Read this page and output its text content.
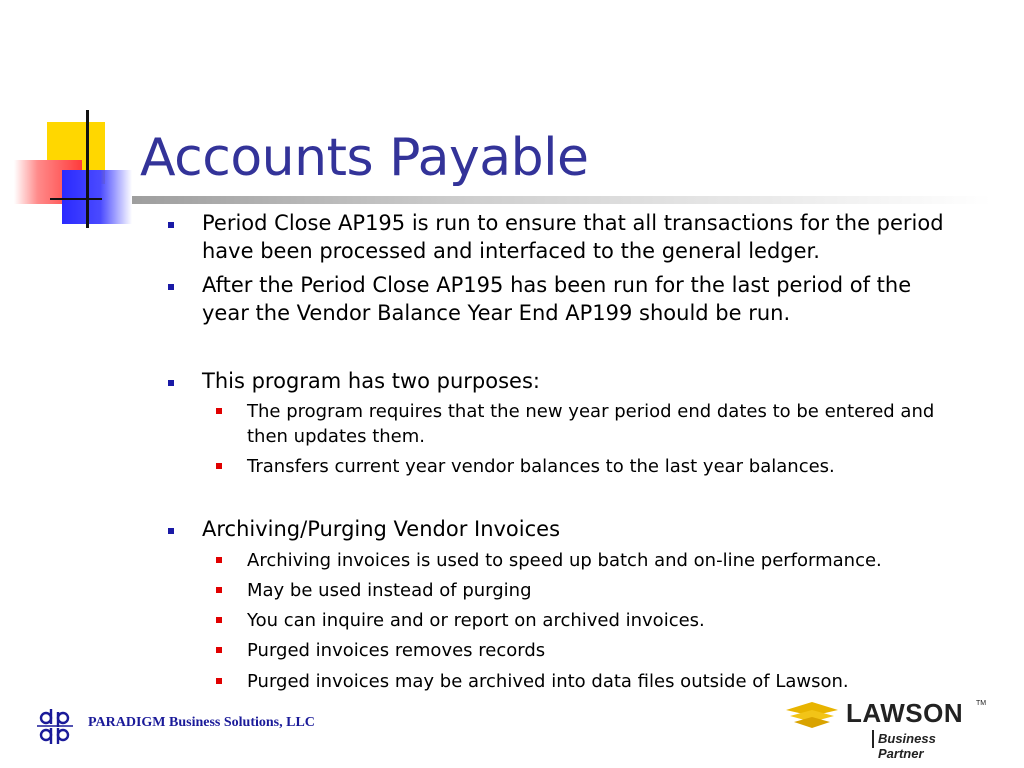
Accounts Payable
Period Close AP195 is run to ensure that all transactions for the period
have been processed and interfaced to the general ledger.
After the Period Close AP195 has been run for the last period of the
year the Vendor Balance Year End AP199 should be run.
This program has two purposes:
The program requires that the new year period end dates to be entered and
then updates them.
Transfers current year vendor balances to the last year balances.
Archiving/Purging Vendor Invoices
Archiving invoices is used to speed up batch and on-line performance.
May be used instead of purging
You can inquire and or report on archived invoices.
Purged invoices removes records
Purged invoices may be archived into data files outside of Lawson.
PARADIGM Business Solutions, LLC	LAWSON TM
Business Partner
